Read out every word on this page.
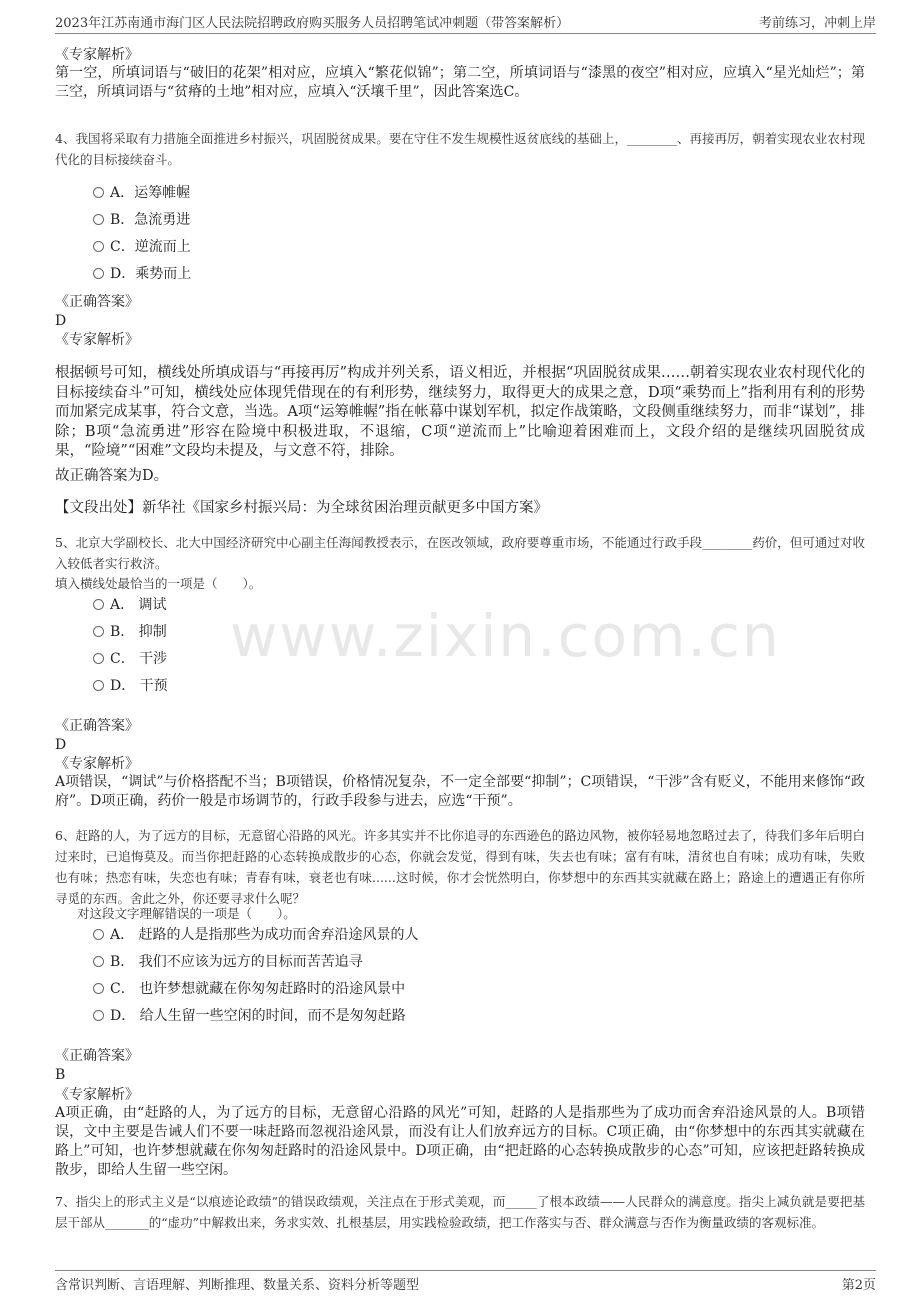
2023年江苏南通市海门区人民法院招聘政府购买服务人员招聘笔试冲刺题（带答案解析）	考前练习，冲刺上岸
www.zixin.com.cn
《专家解析》
第一空，所填词语与“破旧的花架”相对应，应填入“繁花似锦”；第二空，所填词语与“漆黑的夜空”相对应，应填入“星光灿烂”；第三空，所填词语与“贫瘠的土地”相对应，应填入“沃壤千里”，因此答案选C。
4、我国将采取有力措施全面推进乡村振兴，巩固脱贫成果。要在守住不发生规模性返贫底线的基础上，________、再接再厉，朝着实现农业农村现代化的目标接续奋斗。
A．运筹帷幄
B．急流勇进
C．逆流而上
D．乘势而上
《正确答案》
D
《专家解析》
根据顿号可知，横线处所填成语与“再接再厉”构成并列关系，语义相近，并根据“巩固脱贫成果……朝着实现农业农村现代化的目标接续奋斗”可知，横线处应体现凭借现在的有利形势，继续努力，取得更大的成果之意，D项“乘势而上”指利用有利的形势而加紧完成某事，符合文意，当选。A项“运筹帷幄”指在帐幕中谋划军机，拟定作战策略，文段侧重继续努力，而非“谋划”，排除；B项“急流勇进”形容在险境中积极进取，不退缩，C项“逆流而上”比喻迎着困难而上，文段介绍的是继续巩固脱贫成果，“险境”“困难”文段均未提及，与文意不符，排除。
故正确答案为D。
【文段出处】新华社《国家乡村振兴局：为全球贫困治理贡献更多中国方案》
5、北京大学副校长、北大中国经济研究中心副主任海闻教授表示，在医改领域，政府要尊重市场，不能通过行政手段________药价，但可通过对收入较低者实行救济。
填入横线处最恰当的一项是（　　）。
A． 调试
B． 抑制
C． 干涉
D． 干预
《正确答案》
D
《专家解析》
A项错误，“调试”与价格搭配不当；B项错误，价格情况复杂，不一定全部要“抑制”；C项错误，“干涉”含有贬义，不能用来修饰“政府”。D项正确，药价一般是市场调节的，行政手段参与进去，应选“干预”。
6、赶路的人，为了远方的目标，无意留心沿路的风光。许多其实并不比你追寻的东西逊色的路边风物，被你轻易地忽略过去了，待我们多年后明白过来时，已追悔莫及。而当你把赶路的心态转换成散步的心态，你就会发觉，得到有味，失去也有味；富有有味，清贫也自有味；成功有味，失败也有味；热恋有味，失恋也有味；青春有味，衰老也有味......这时候，你才会恍然明白，你梦想中的东西其实就藏在路上；路途上的遭遇正有你所寻觅的东西。舍此之外，你还要寻求什么呢？
对这段文字理解错误的一项是（　　）。
A． 赶路的人是指那些为成功而舍弃沿途风景的人
B． 我们不应该为远方的目标而苦苦追寻
C． 也许梦想就藏在你匆匆赶路时的沿途风景中
D． 给人生留一些空闲的时间，而不是匆匆赶路
《正确答案》
B
《专家解析》
A项正确，由“赶路的人，为了远方的目标，无意留心沿路的风光”可知，赶路的人是指那些为了成功而舍弃沿途风景的人。B项错误，文中主要是告诫人们不要一味赶路而忽视沿途风景，而没有让人们放弃远方的目标。C项正确，由“你梦想中的东西其实就藏在路上”可知，也许梦想就藏在你匆匆赶路时的沿途风景中。D项正确，由“把赶路的心态转换成散步的心态”可知，应该把赶路转换成散步，即给人生留一些空闲。
7、指尖上的形式主义是“以痕迹论政绩”的错误政绩观，关注点在于形式美观，而_____了根本政绩——人民群众的满意度。指尖上减负就是要把基层干部从_______的“虚功”中解救出来，务求实效、扎根基层，用实践检验政绩，把工作落实与否、群众满意与否作为衡量政绩的客观标准。
含常识判断、言语理解、判断推理、数量关系、资料分析等题型	第2页
